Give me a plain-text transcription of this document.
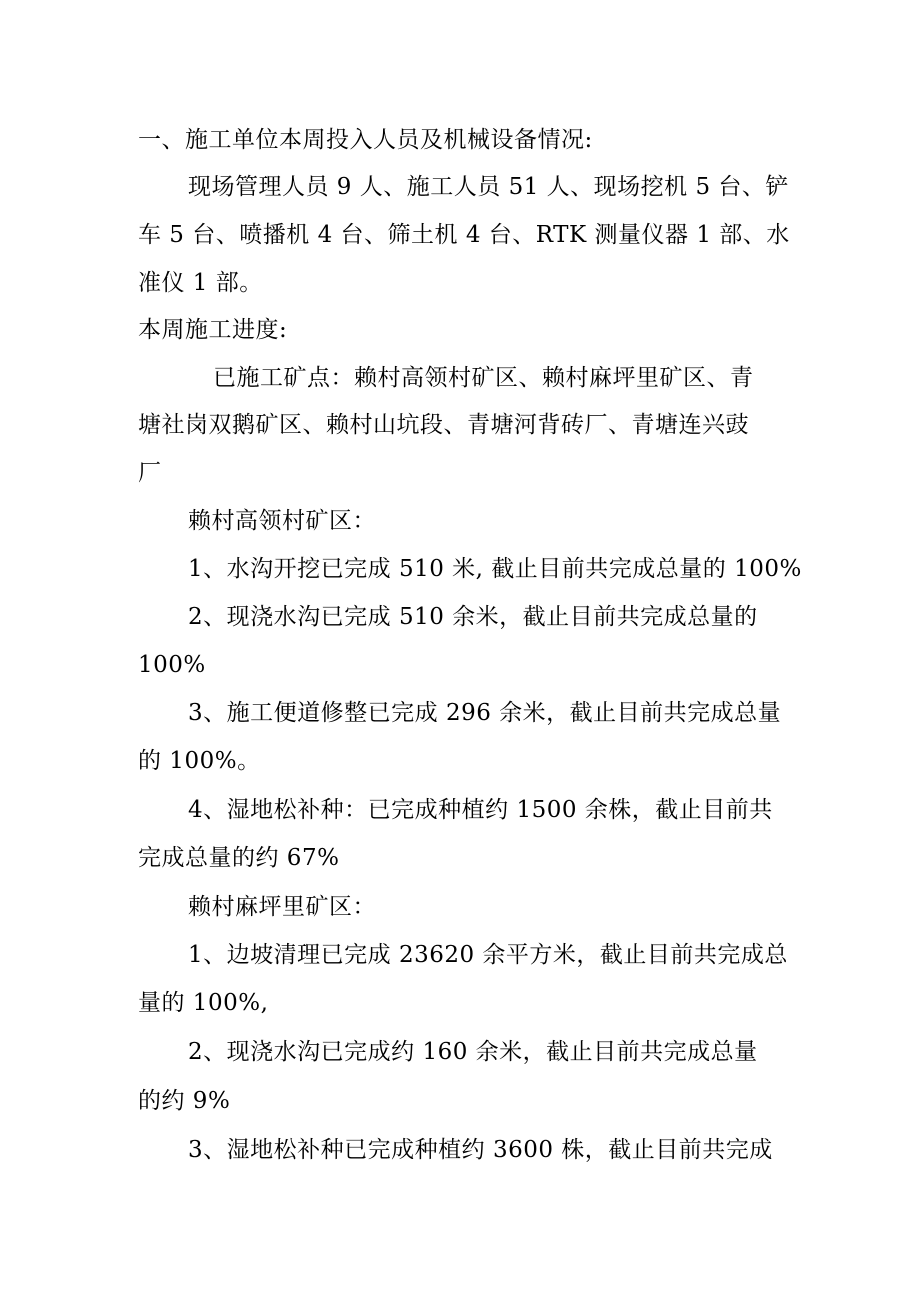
一、施工单位本周投入人员及机械设备情况:
现场管理人员 9 人、施工人员 51 人、现场挖机 5 台、铲
车 5 台、喷播机 4 台、筛土机 4 台、RTK 测量仪器 1 部、水
准仪 1 部。
本周施工进度:
已施工矿点：赖村高领村矿区、赖村麻坪里矿区、青
塘社岗双鹅矿区、赖村山坑段、青塘河背砖厂、青塘连兴豉
厂
赖村高领村矿区：
1、水沟开挖已完成 510 米, 截止目前共完成总量的 100%
2、现浇水沟已完成 510 余米，截止目前共完成总量的
100%
3、施工便道修整已完成 296 余米，截止目前共完成总量
的 100%。
4、湿地松补种：已完成种植约 1500 余株，截止目前共
完成总量的约 67%
赖村麻坪里矿区：
1、边坡清理已完成 23620 余平方米，截止目前共完成总
量的 100%,
2、现浇水沟已完成约 160 余米，截止目前共完成总量
的约 9%
3、湿地松补种已完成种植约 3600 株，截止目前共完成
